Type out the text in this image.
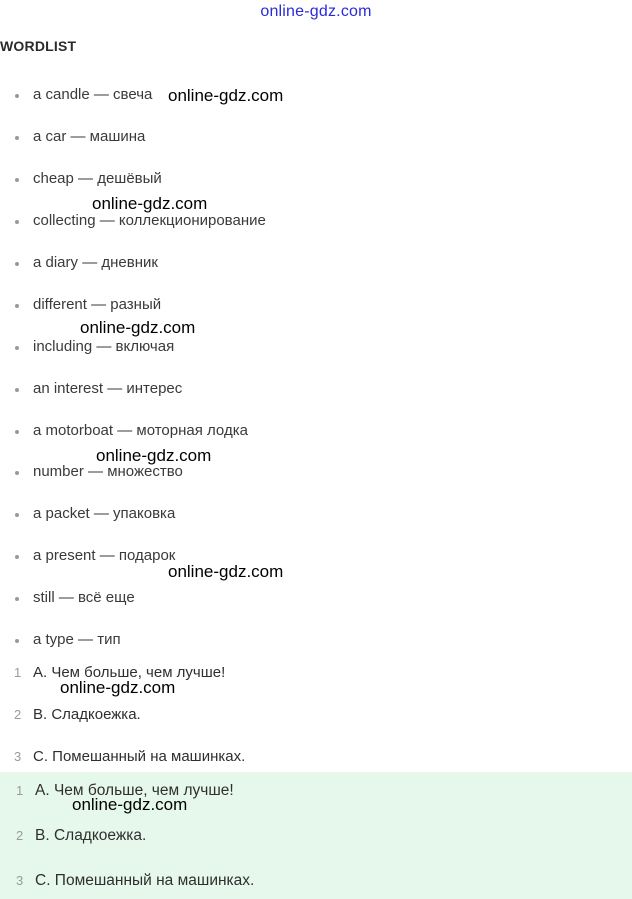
online-gdz.com
WORDLIST
a candle — свеча
a car — машина
cheap — дешёвый
collecting — коллекционирование
a diary — дневник
different — разный
including — включая
an interest — интерес
a motorboat — моторная лодка
number — множество
a packet — упаковка
a present — подарок
still — всё еще
a type — тип
1 А. Чем больше, чем лучше!
2 В. Сладкоежка.
3 С. Помешанный на машинках.
1 А. Чем больше, чем лучше!
2 В. Сладкоежка.
3 С. Помешанный на машинках.
online-gdz.com
online-gdz.com
online-gdz.com
online-gdz.com
online-gdz.com
online-gdz.com
online-gdz.com
